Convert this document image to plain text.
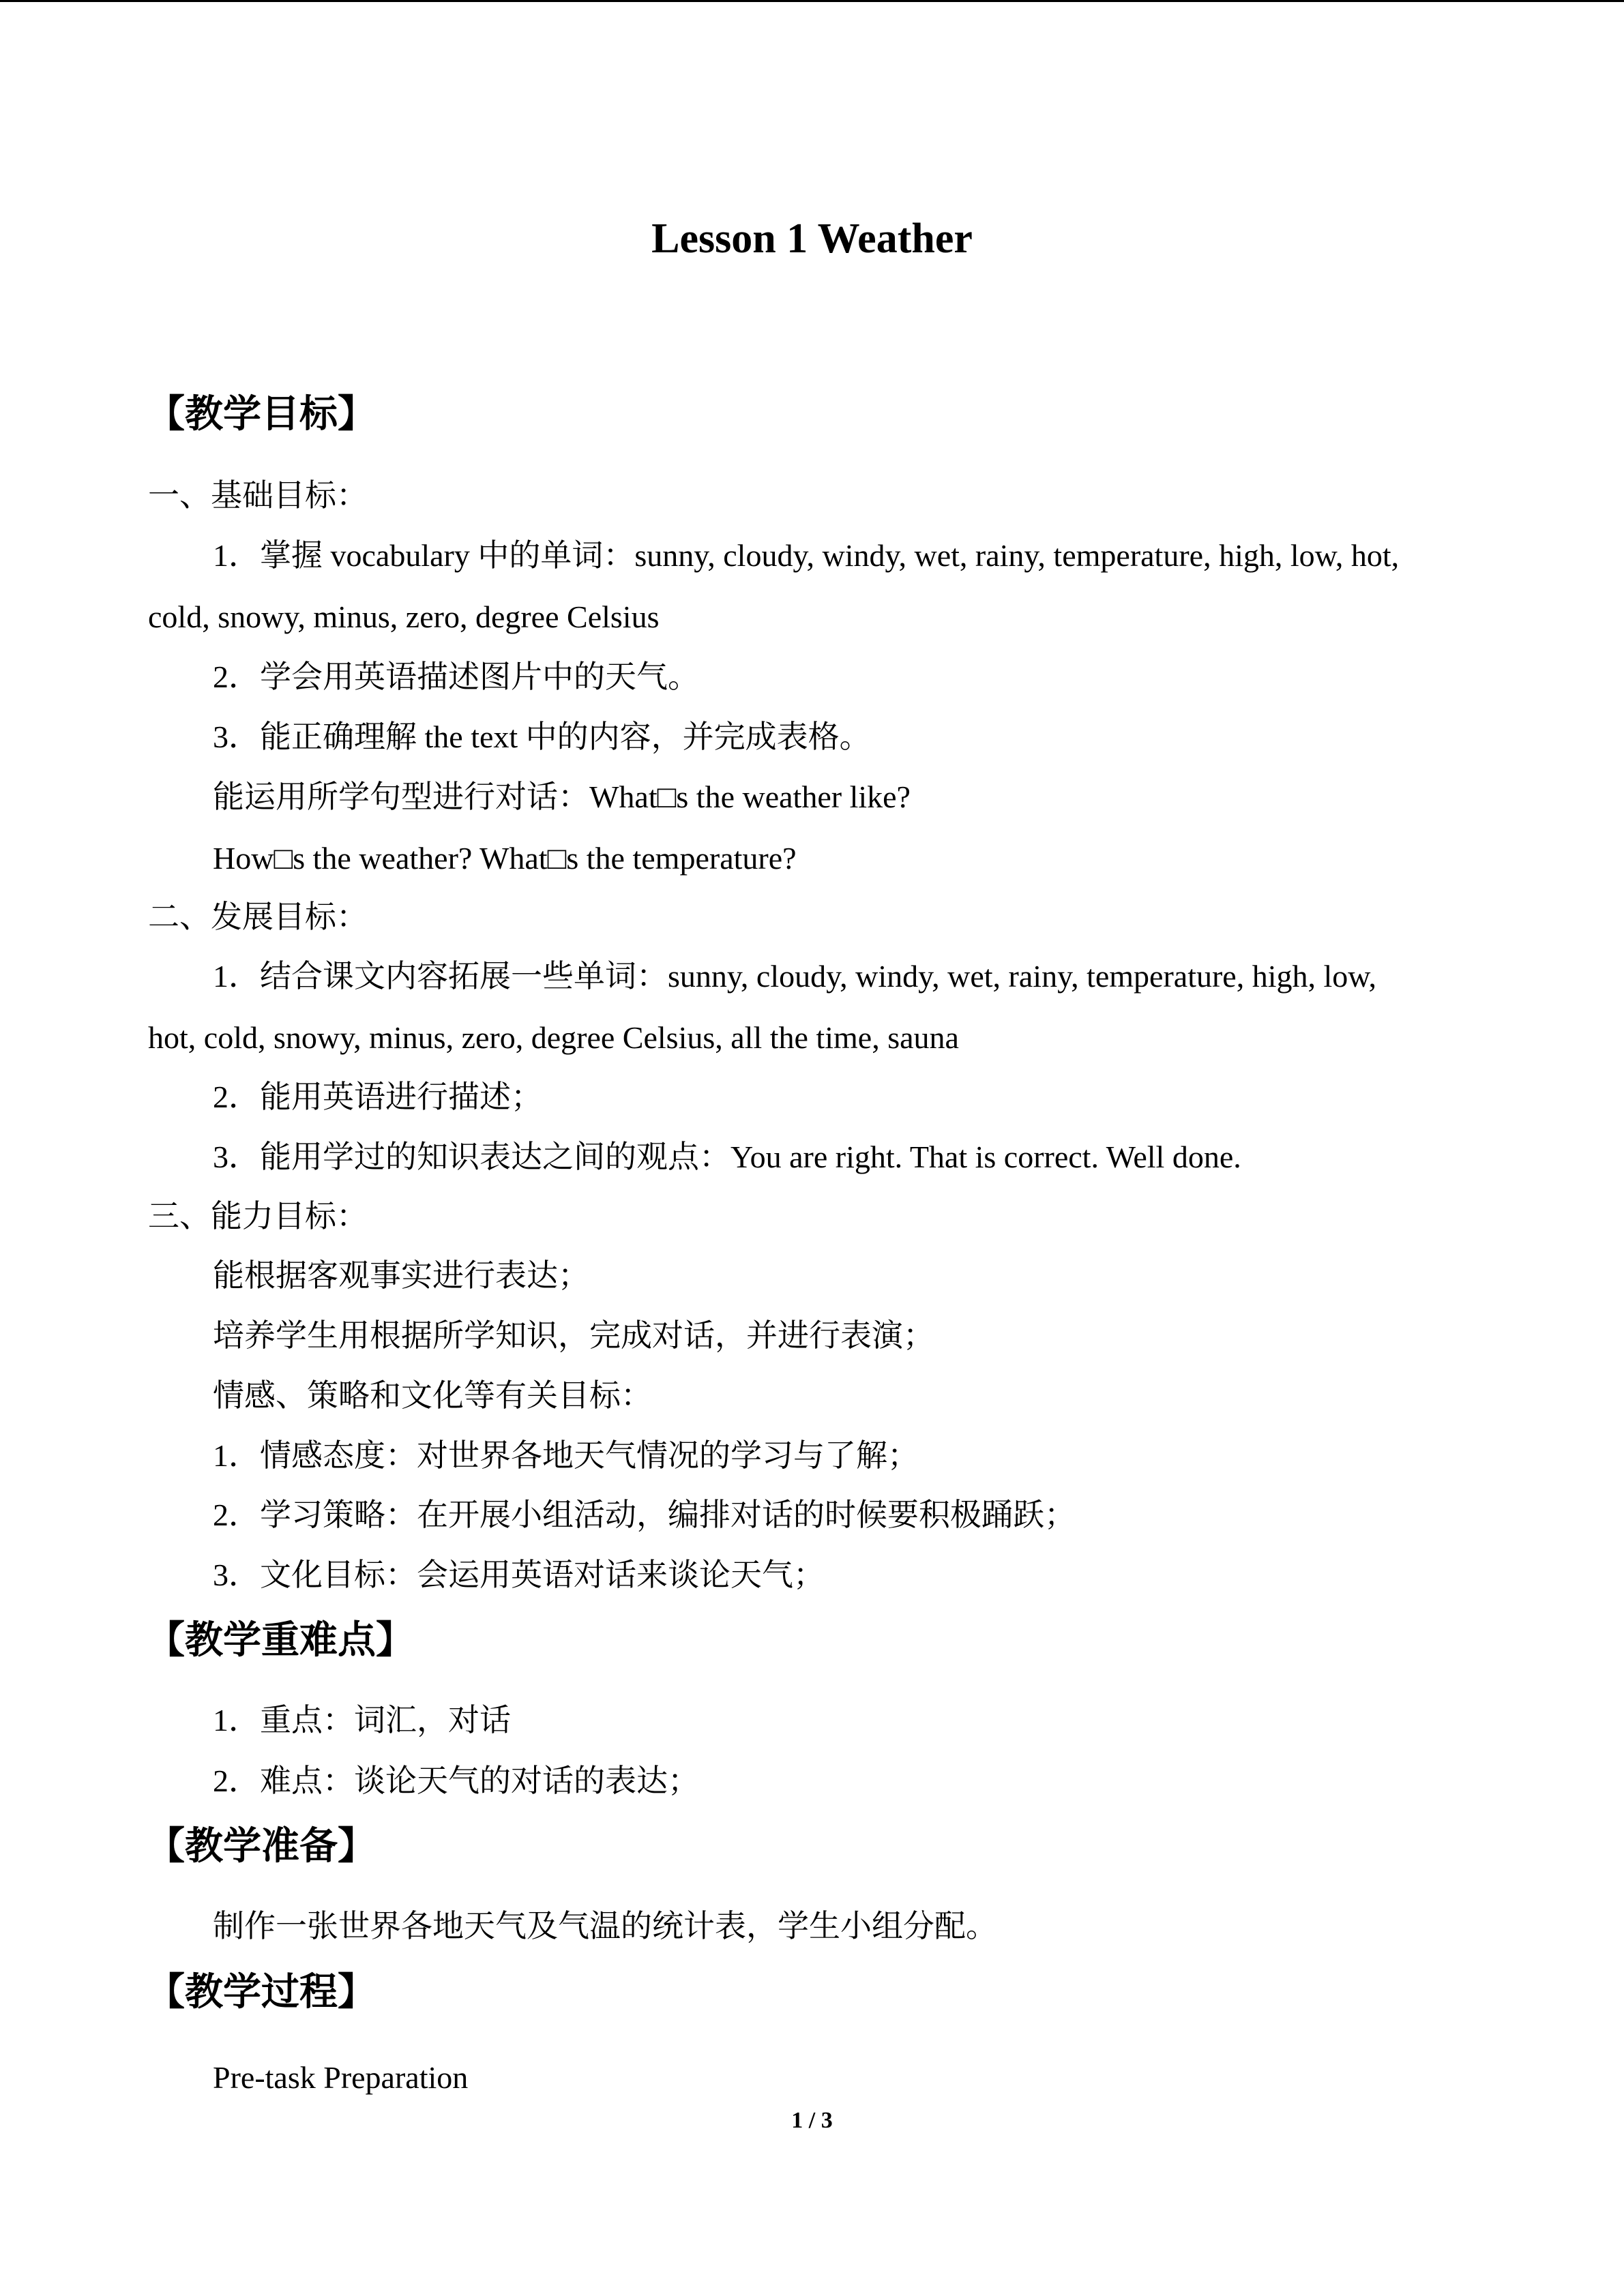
Lesson 1 Weather
【教学目标】
一、基础目标：
1．掌握 vocabulary 中的单词：sunny, cloudy, windy, wet, rainy, temperature, high, low, hot,
cold, snowy, minus, zero, degree Celsius
2．学会用英语描述图片中的天气。
3．能正确理解 the text 中的内容，并完成表格。
能运用所学句型进行对话：What□s the weather like?
How□s the weather? What□s the temperature?
二、发展目标：
1．结合课文内容拓展一些单词：sunny, cloudy, windy, wet, rainy, temperature, high, low,
hot, cold, snowy, minus, zero, degree Celsius, all the time, sauna
2．能用英语进行描述；
3．能用学过的知识表达之间的观点：You are right. That is correct. Well done.
三、能力目标：
能根据客观事实进行表达；
培养学生用根据所学知识，完成对话，并进行表演；
情感、策略和文化等有关目标：
1．情感态度：对世界各地天气情况的学习与了解；
2．学习策略：在开展小组活动，编排对话的时候要积极踊跃；
3．文化目标：会运用英语对话来谈论天气；
【教学重难点】
1．重点：词汇，对话
2．难点：谈论天气的对话的表达；
【教学准备】
制作一张世界各地天气及气温的统计表，学生小组分配。
【教学过程】
Pre-task Preparation
1 / 3
